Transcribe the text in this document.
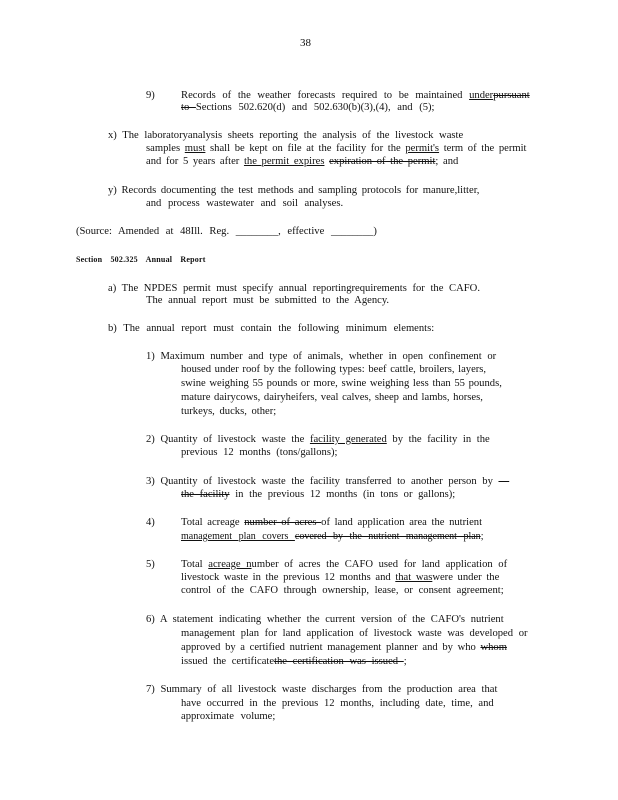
38
9) Records of the weather forecasts required to be maintained underpursuant
to Sections 502.620(d) and 502.630(b)(3),(4), and (5);
x) The laboratoryanalysis sheets reporting the analysis of the livestock waste
samples must shall be kept on file at the facility for the permit's term of the permit
and for 5 years after the permit expires expiration of the permit; and
y) Records documenting the test methods and sampling protocols for manure,litter,
and process wastewater and soil analyses.
(Source: Amended at 48Ill. Reg. ________, effective ________)
Section 502.325 Annual Report
a) The NPDES permit must specify annual reportingrequirements for the CAFO.
The annual report must be submitted to the Agency.
b) The annual report must contain the following minimum elements:
1) Maximum number and type of animals, whether in open confinement or
housed under roof by the following types: beef cattle, broilers, layers,
swine weighing 55 pounds or more, swine weighing less than 55 pounds,
mature dairycows, dairyheifers, veal calves, sheep and lambs, horses,
turkeys, ducks, other;
2) Quantity of livestock waste the facility generated by the facility in the
previous 12 months (tons/gallons);
3) Quantity of livestock waste the facility transferred to another person by —
the facility in the previous 12 months (in tons or gallons);
4) Total acreage number of acres of land application area the nutrient
management plan covers covered by the nutrient management plan;
5) Total acreage number of acres the CAFO used for land application of
livestock waste in the previous 12 months and that waswere under the
control of the CAFO through ownership, lease, or consent agreement;
6) A statement indicating whether the current version of the CAFO's nutrient
management plan for land application of livestock waste was developed or
approved by a certified nutrient management planner and by who whom
issued the certificatethe certification was issued ;
7) Summary of all livestock waste discharges from the production area that
have occurred in the previous 12 months, including date, time, and
approximate volume;
